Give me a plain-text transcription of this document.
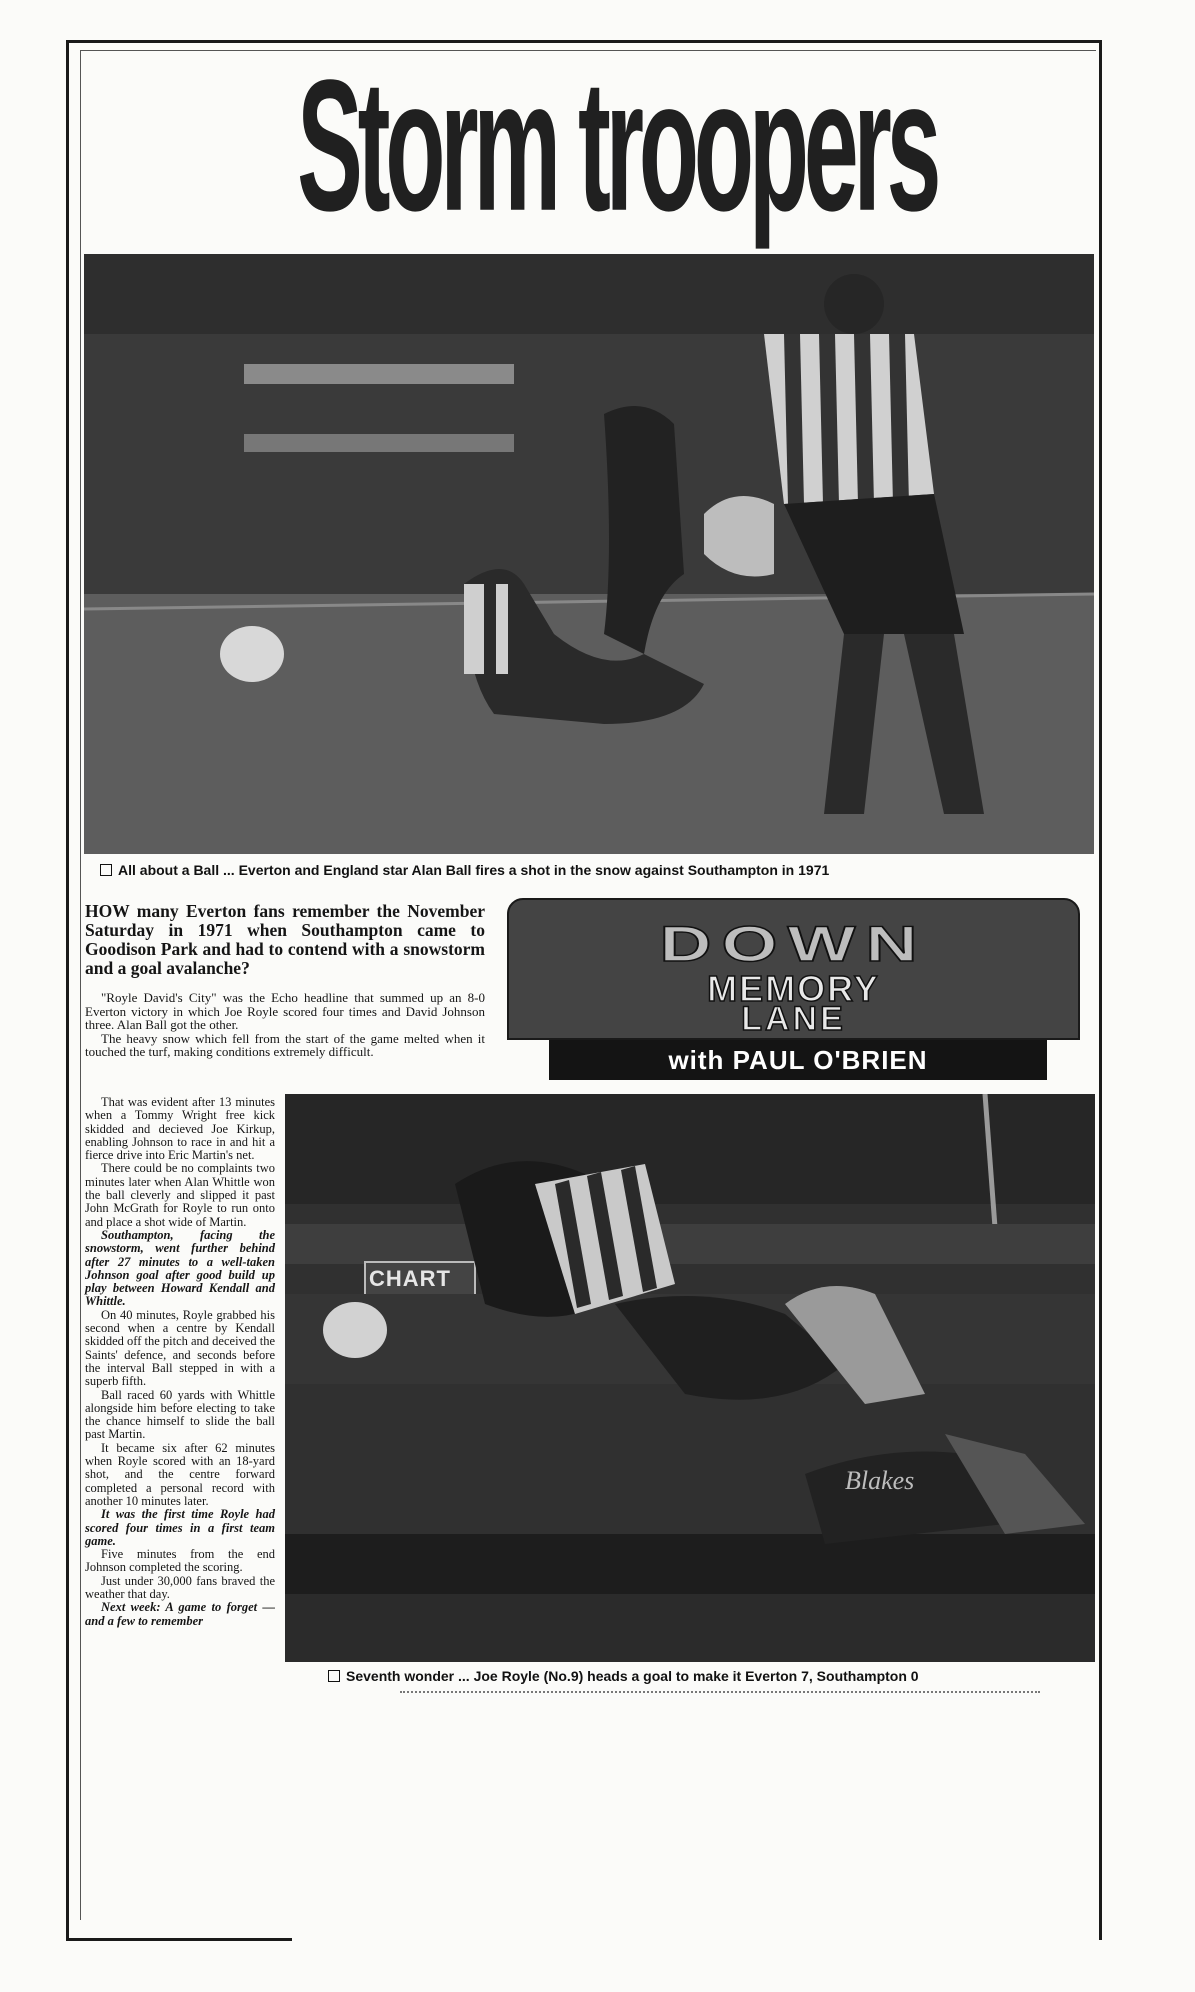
Storm troopers
All about a Ball ... Everton and England star Alan Ball fires a shot in the snow against Southampton in 1971
HOW many Everton fans remember the November Saturday in 1971 when Southampton came to Goodison Park and had to contend with a snowstorm and a goal avalanche?

"Royle David's City" was the Echo headline that summed up an 8-0 Everton victory in which Joe Royle scored four times and David Johnson three. Alan Ball got the other.

The heavy snow which fell from the start of the game melted when it touched the turf, making conditions extremely difficult.

That was evident after 13 minutes when a Tommy Wright free kick skidded and decieved Joe Kirkup, enabling Johnson to race in and hit a fierce drive into Eric Martin's net.

There could be no complaints two minutes later when Alan Whittle won the ball cleverly and slipped it past John McGrath for Royle to run onto and place a shot wide of Martin.

Southampton, facing the snowstorm, went further behind after 27 minutes to a well-taken Johnson goal after good build up play between Howard Kendall and Whittle.

On 40 minutes, Royle grabbed his second when a centre by Kendall skidded off the pitch and deceived the Saints' defence, and seconds before the interval Ball stepped in with a superb fifth.

Ball raced 60 yards with Whittle alongside him before electing to take the chance himself to slide the ball past Martin.

It became six after 62 minutes when Royle scored with an 18-yard shot, and the centre forward completed a personal record with another 10 minutes later.

It was the first time Royle had scored four times in a first team game.

Five minutes from the end Johnson completed the scoring.

Just under 30,000 fans braved the weather that day.

Next week: A game to forget — and a few to remember

DOWN
MEMORY
LANE
with PAUL O'BRIEN
CHART
Blakes
Seventh wonder ... Joe Royle (No.9) heads a goal to make it Everton 7, Southampton 0
